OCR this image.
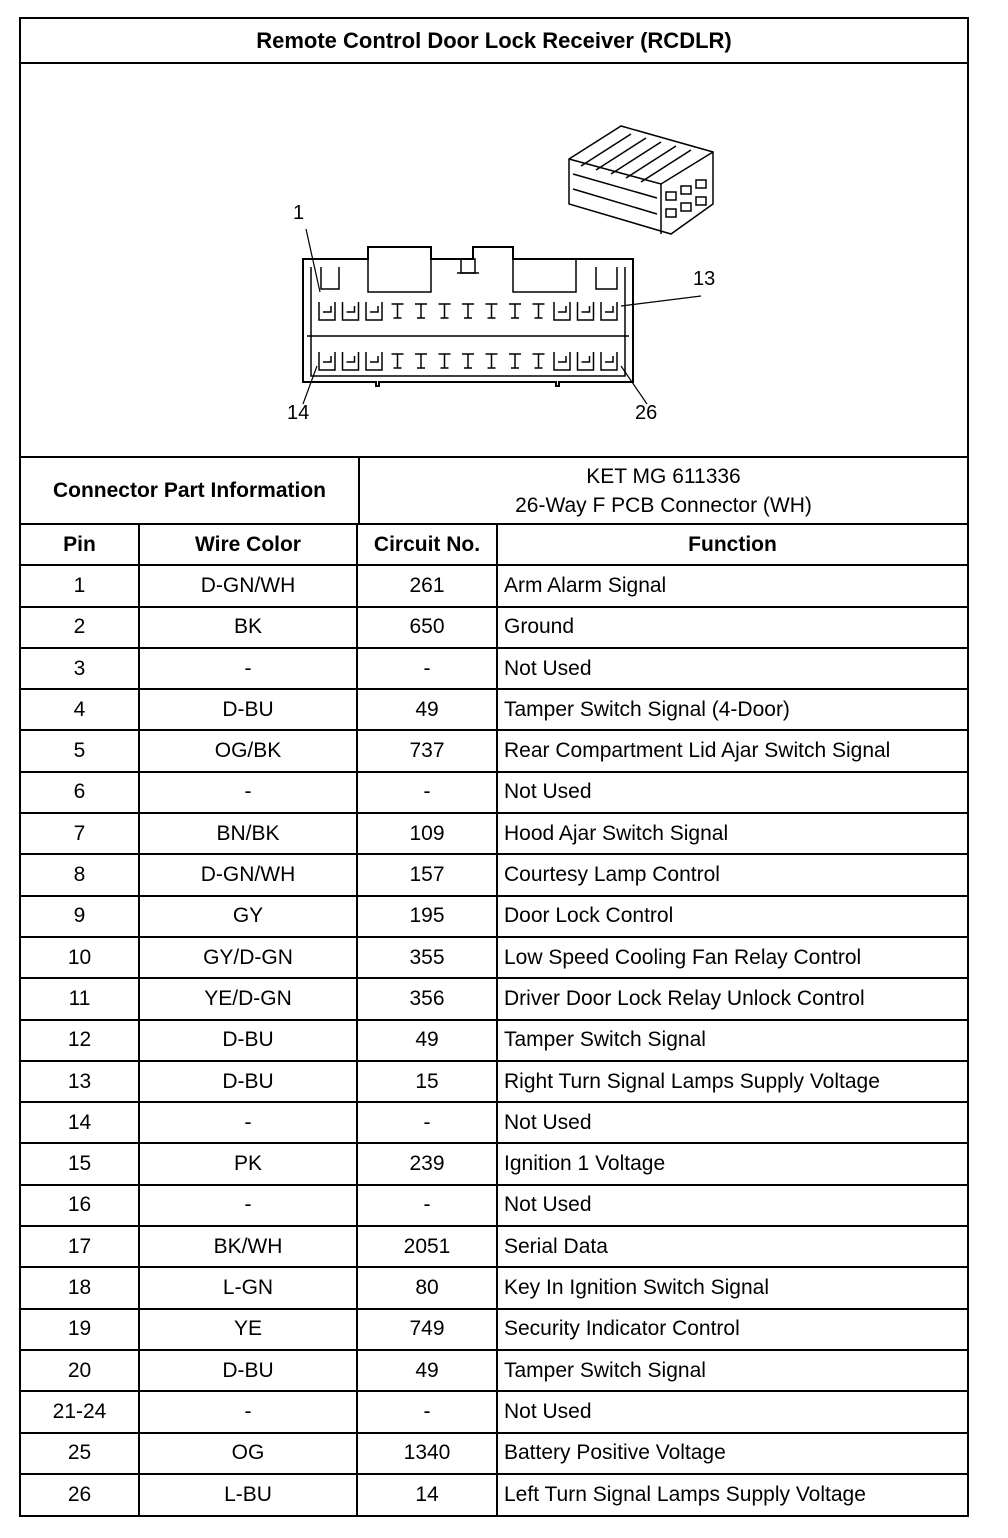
Remote Control Door Lock Receiver (RCDLR)
1
13
14	26
Connector Part Information
KET MG 611336
26-Way F PCB Connector (WH)
Pin	Wire Color	Circuit No.	Function
1	D-GN/WH	261	Arm Alarm Signal
2	BK	650	Ground
3	-	-	Not Used
4	D-BU	49	Tamper Switch Signal (4-Door)
5	OG/BK	737	Rear Compartment Lid Ajar Switch Signal
6	-	-	Not Used
7	BN/BK	109	Hood Ajar Switch Signal
8	D-GN/WH	157	Courtesy Lamp Control
9	GY	195	Door Lock Control
10	GY/D-GN	355	Low Speed Cooling Fan Relay Control
11	YE/D-GN	356	Driver Door Lock Relay Unlock Control
12	D-BU	49	Tamper Switch Signal
13	D-BU	15	Right Turn Signal Lamps Supply Voltage
14	-	-	Not Used
15	PK	239	Ignition 1 Voltage
16	-	-	Not Used
17	BK/WH	2051	Serial Data
18	L-GN	80	Key In Ignition Switch Signal
19	YE	749	Security Indicator Control
20	D-BU	49	Tamper Switch Signal
21-24	-	-	Not Used
25	OG	1340	Battery Positive Voltage
26	L-BU	14	Left Turn Signal Lamps Supply Voltage
